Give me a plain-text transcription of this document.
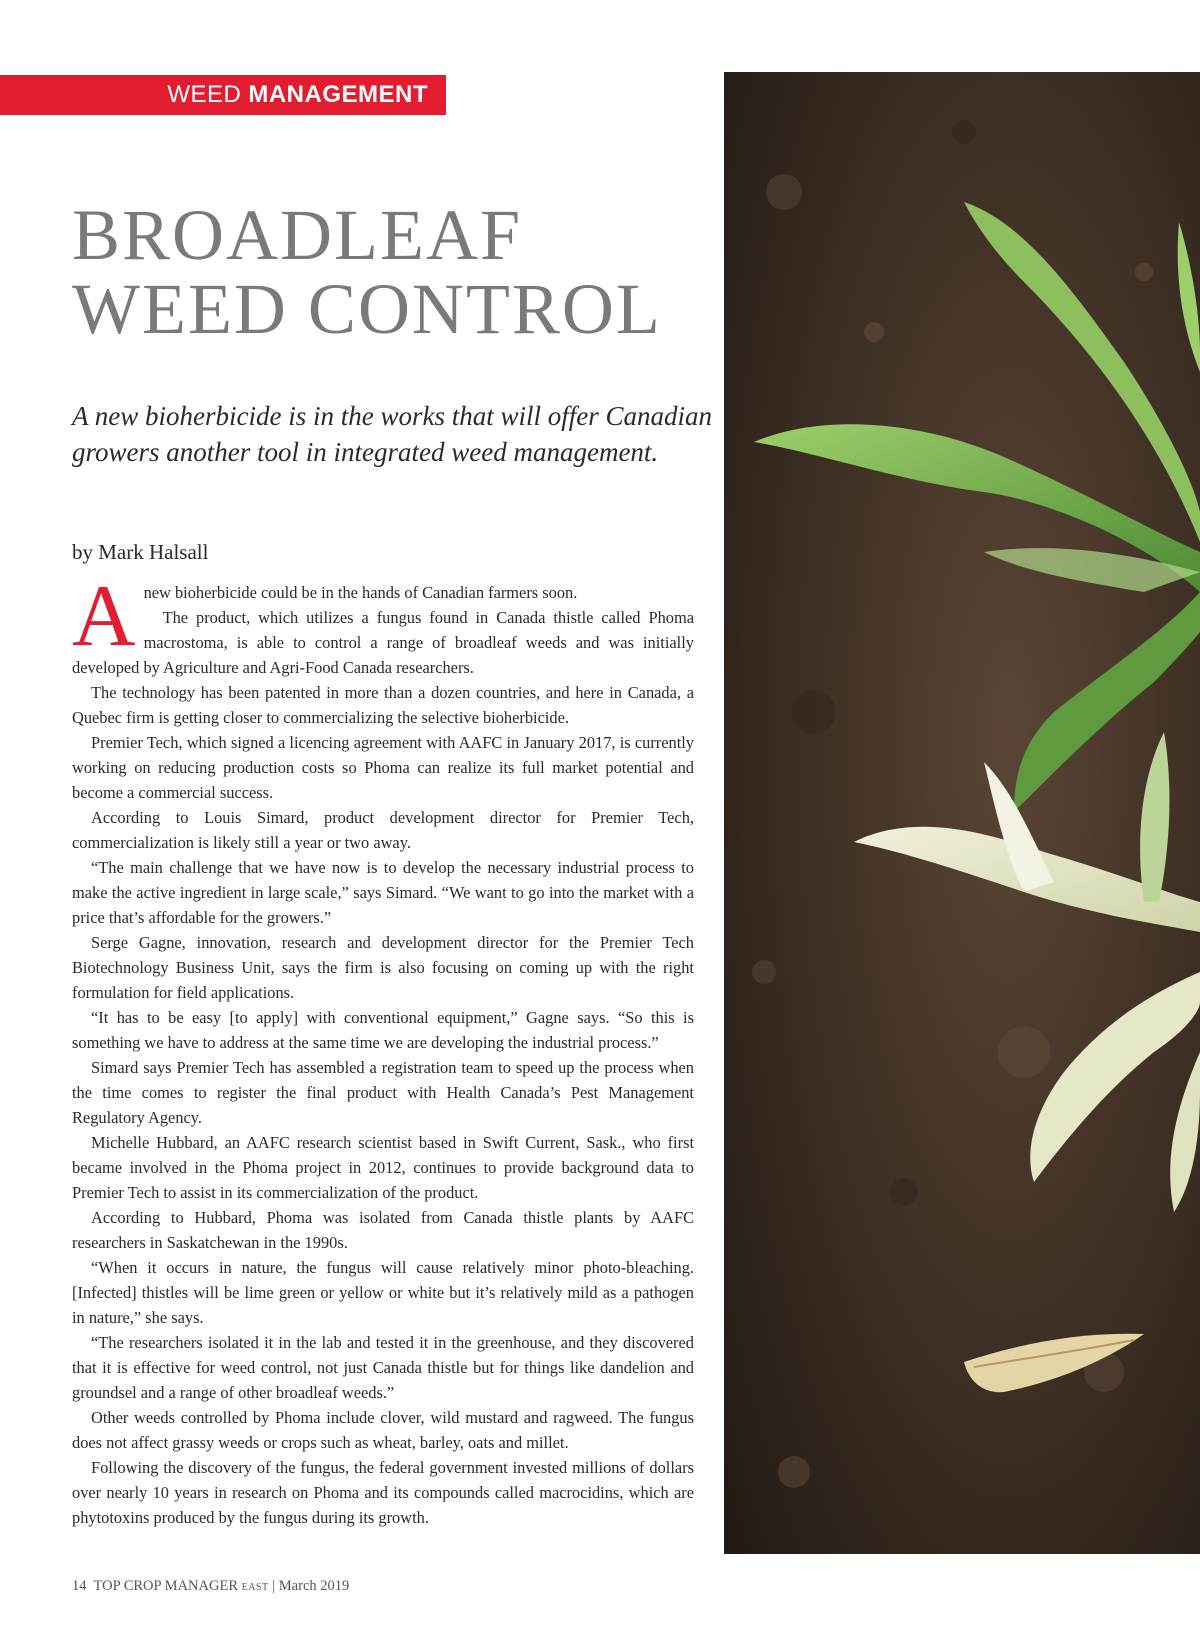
WEED MANAGEMENT
BROADLEAF
WEED CONTROL

A new bioherbicide is in the works that will offer Canadian growers another tool in integrated weed management.

by Mark Halsall

Anew bioherbicide could be in the hands of Canadian farmers soon.

The product, which utilizes a fungus found in Canada thistle called Phoma macrostoma, is able to control a range of broadleaf weeds and was initially developed by Agriculture and Agri-Food Canada researchers.

The technology has been patented in more than a dozen countries, and here in Canada, a Quebec firm is getting closer to commercializing the selective bioherbicide.

Premier Tech, which signed a licencing agreement with AAFC in January 2017, is currently working on reducing production costs so Phoma can realize its full market potential and become a commercial success.

According to Louis Simard, product development director for Premier Tech, commercialization is likely still a year or two away.

“The main challenge that we have now is to develop the necessary industrial process to make the active ingredient in large scale,” says Simard. “We want to go into the market with a price that’s affordable for the growers.”

Serge Gagne, innovation, research and development director for the Premier Tech Biotechnology Business Unit, says the firm is also focusing on coming up with the right formulation for field applications.

“It has to be easy [to apply] with conventional equipment,” Gagne says. “So this is something we have to address at the same time we are developing the industrial process.”

Simard says Premier Tech has assembled a registration team to speed up the process when the time comes to register the final product with Health Canada’s Pest Management Regulatory Agency.

Michelle Hubbard, an AAFC research scientist based in Swift Current, Sask., who first became involved in the Phoma project in 2012, continues to provide background data to Premier Tech to assist in its commercialization of the product.

According to Hubbard, Phoma was isolated from Canada thistle plants by AAFC researchers in Saskatchewan in the 1990s.

“When it occurs in nature, the fungus will cause relatively minor photo-bleaching. [Infected] thistles will be lime green or yellow or white but it’s relatively mild as a pathogen in nature,” she says.

“The researchers isolated it in the lab and tested it in the greenhouse, and they discovered that it is effective for weed control, not just Canada thistle but for things like dandelion and groundsel and a range of other broadleaf weeds.”

Other weeds controlled by Phoma include clover, wild mustard and ragweed. The fungus does not affect grassy weeds or crops such as wheat, barley, oats and millet.

Following the discovery of the fungus, the federal government invested millions of dollars over nearly 10 years in research on Phoma and its compounds called macrocidins, which are phytotoxins produced by the fungus during its growth.

14 TOP CROP MANAGER EAST | March 2019
